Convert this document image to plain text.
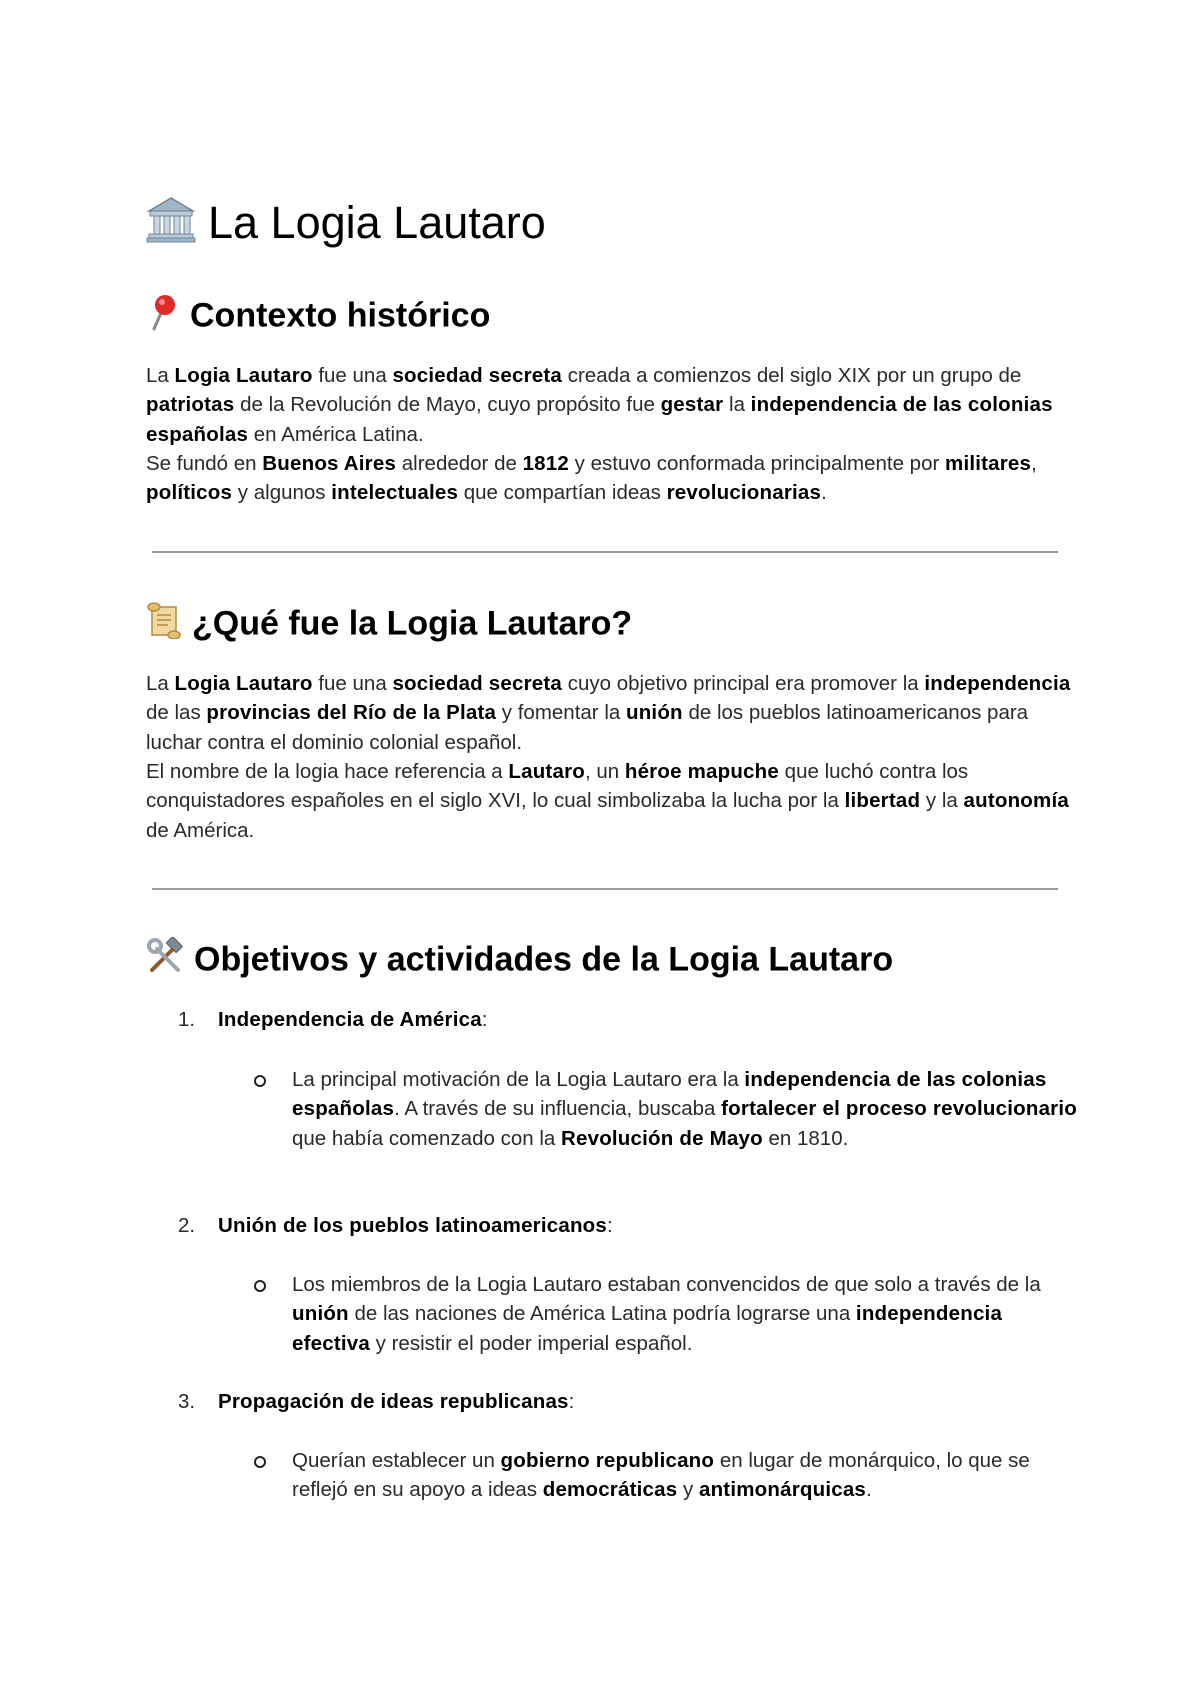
La Logia Lautaro
Contexto histórico

La Logia Lautaro fue una sociedad secreta creada a comienzos del siglo XIX por un grupo de patriotas de la Revolución de Mayo, cuyo propósito fue gestar la independencia de las colonias españolas en América Latina.

Se fundó en Buenos Aires alrededor de 1812 y estuvo conformada principalmente por militares, políticos y algunos intelectuales que compartían ideas revolucionarias.

¿Qué fue la Logia Lautaro?

La Logia Lautaro fue una sociedad secreta cuyo objetivo principal era promover la independencia de las provincias del Río de la Plata y fomentar la unión de los pueblos latinoamericanos para luchar contra el dominio colonial español.

El nombre de la logia hace referencia a Lautaro, un héroe mapuche que luchó contra los conquistadores españoles en el siglo XVI, lo cual simbolizaba la lucha por la libertad y la autonomía de América.

Objetivos y actividades de la Logia Lautaro
1. Independencia de América:
La principal motivación de la Logia Lautaro era la independencia de las colonias españolas. A través de su influencia, buscaba fortalecer el proceso revolucionario que había comenzado con la Revolución de Mayo en 1810.
2. Unión de los pueblos latinoamericanos:
Los miembros de la Logia Lautaro estaban convencidos de que solo a través de la unión de las naciones de América Latina podría lograrse una independencia efectiva y resistir el poder imperial español.
3. Propagación de ideas republicanas:
Querían establecer un gobierno republicano en lugar de monárquico, lo que se reflejó en su apoyo a ideas democráticas y antimonárquicas.
